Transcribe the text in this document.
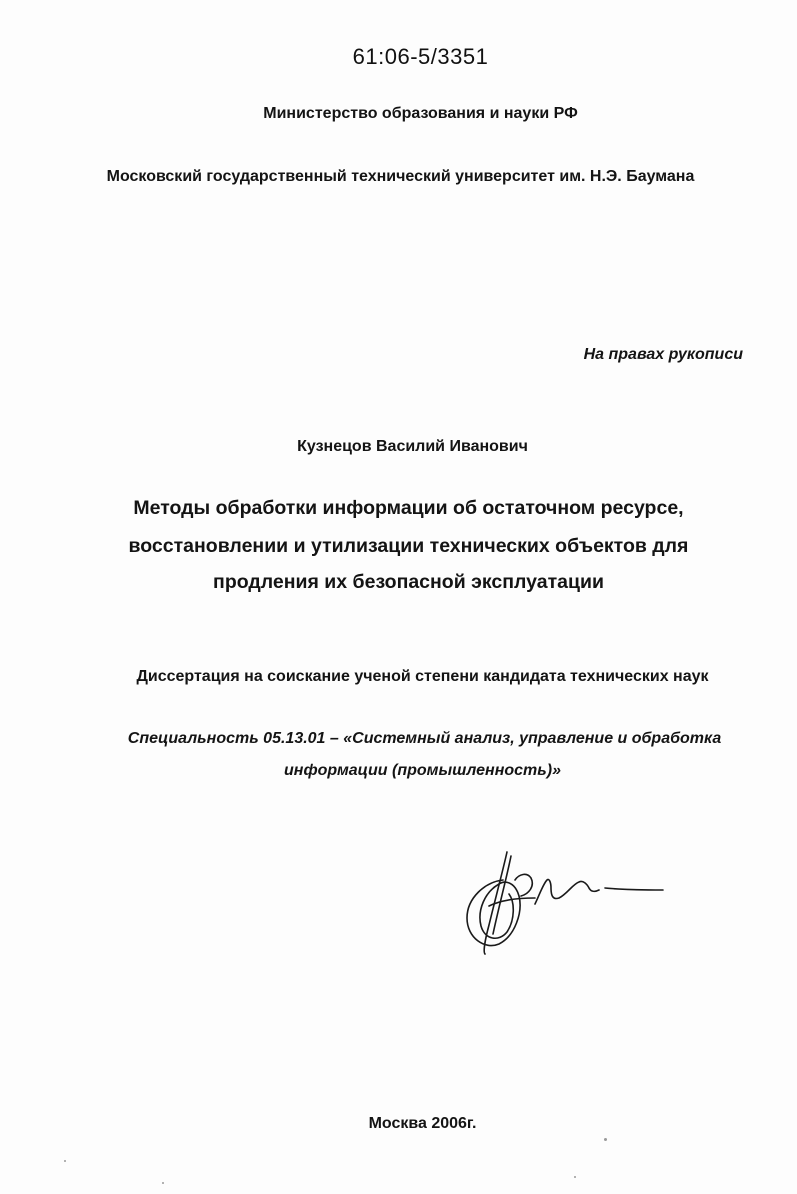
61:06-5/3351
Министерство образования и науки РФ
Московский государственный технический университет им. Н.Э. Баумана
На правах рукописи
Кузнецов Василий Иванович
Методы обработки информации об остаточном ресурсе,
восстановлении и утилизации технических объектов для
продления их безопасной эксплуатации
Диссертация на соискание ученой степени кандидата технических наук
Специальность 05.13.01 – «Системный анализ, управление и обработка
информации (промышленность)»
Москва 2006г.
